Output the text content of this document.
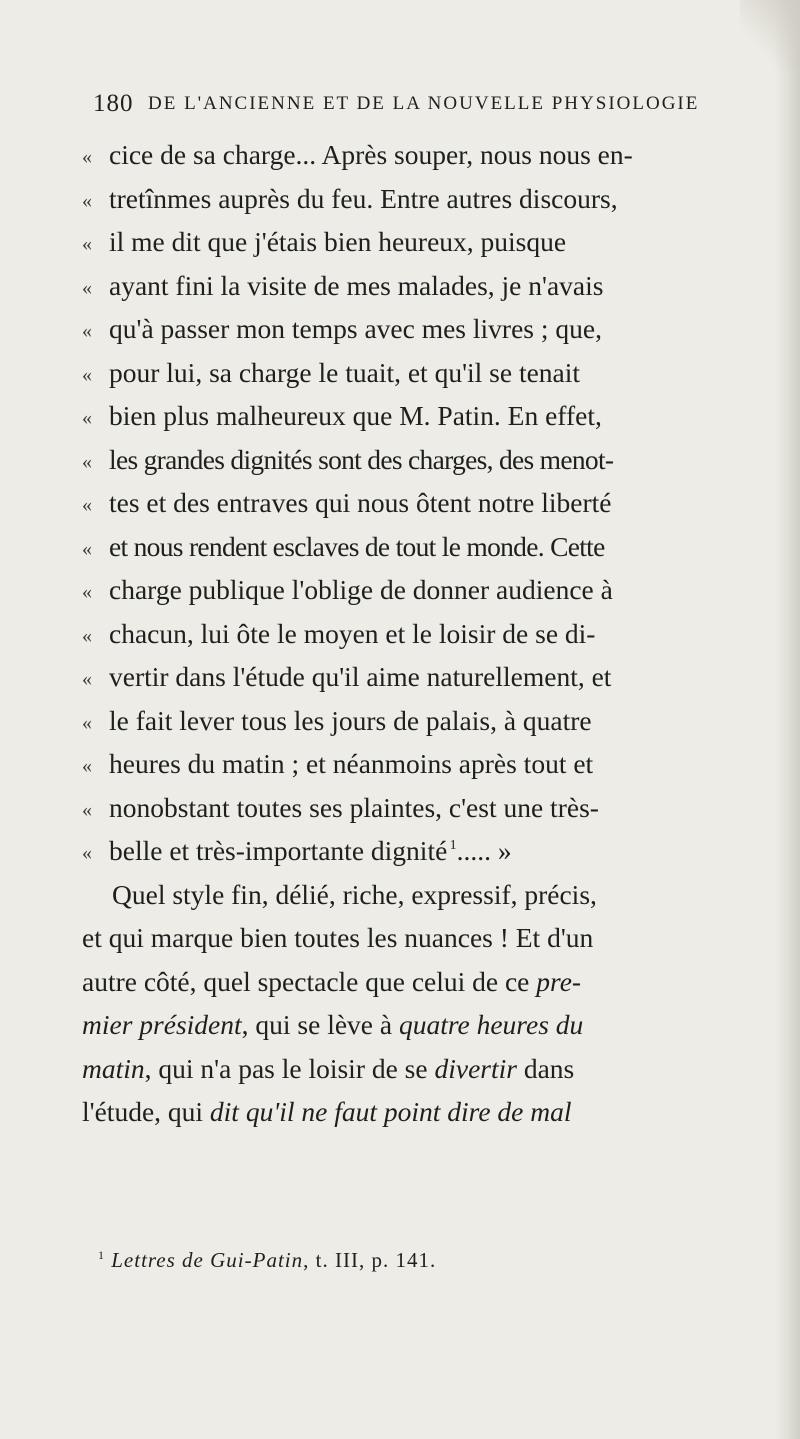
180 DE L'ANCIENNE ET DE LA NOUVELLE PHYSIOLOGIE
« cice de sa charge... Après souper, nous nous en-
« tretînmes auprès du feu. Entre autres discours,
« il me dit que j'étais bien heureux, puisque
« ayant fini la visite de mes malades, je n'avais
« qu'à passer mon temps avec mes livres ; que,
« pour lui, sa charge le tuait, et qu'il se tenait
« bien plus malheureux que M. Patin. En effet,
« les grandes dignités sont des charges, des menot-
« tes et des entraves qui nous ôtent notre liberté
« et nous rendent esclaves de tout le monde. Cette
« charge publique l'oblige de donner audience à
« chacun, lui ôte le moyen et le loisir de se di-
« vertir dans l'étude qu'il aime naturellement, et
« le fait lever tous les jours de palais, à quatre
« heures du matin ; et néanmoins après tout et
« nonobstant toutes ses plaintes, c'est une très-
« belle et très-importante dignité  $^1$..... »
Quel style fin, délié, riche, expressif, précis,
et qui marque bien toutes les nuances ! Et d'un
autre côté, quel spectacle que celui de ce pre-
mier président, qui se lève à quatre heures du
matin, qui n'a pas le loisir de se divertir dans
l'étude, qui dit qu'il ne faut point dire de mal
$^1$ Lettres de Gui-Patin, t. III, p. 141.
